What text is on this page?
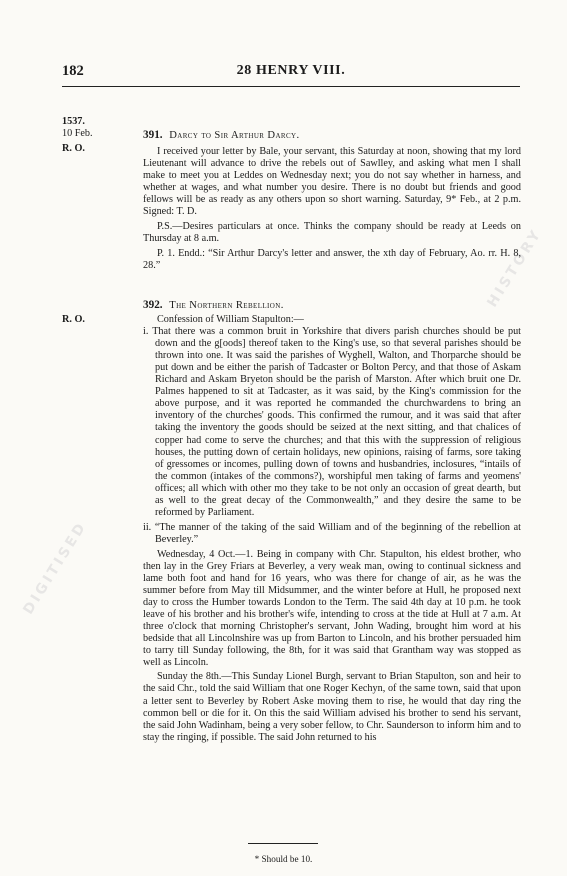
DIGITISED
HISTORY
182	28 HENRY VIII.
1537.
10 Feb.
R. O.

391. Darcy to Sir Arthur Darcy.

I received your letter by Bale, your servant, this Saturday at noon, showing that my lord Lieutenant will advance to drive the rebels out of Sawlley, and asking what men I shall make to meet you at Leddes on Wednesday next; you do not say whether in harness, and whether at wages, and what number you desire. There is no doubt but friends and good fellows will be as ready as any others upon so short warning. Saturday, 9* Feb., at 2 p.m. Signed: T. D.

P.S.—Desires particulars at once. Thinks the company should be ready at Leeds on Thursday at 8 a.m.

P. 1. Endd.: “Sir Arthur Darcy's letter and answer, the xth day of February, Ao. rr. H. 8, 28.”

R. O.

392. The Northern Rebellion.

Confession of William Stapulton:—

i. That there was a common bruit in Yorkshire that divers parish churches should be put down and the g[oods] thereof taken to the King's use, so that several parishes should be thrown into one. It was said the parishes of Wyghell, Walton, and Thorparche should be put down and be either the parish of Tadcaster or Bolton Percy, and that those of Askam Richard and Askam Bryeton should be the parish of Marston. After which bruit one Dr. Palmes happened to sit at Tadcaster, as it was said, by the King's commission for the above purpose, and it was reported he commanded the churchwardens to bring an inventory of the churches' goods. This confirmed the rumour, and it was said that after taking the inventory the goods should be seized at the next sitting, and that chalices of copper had come to serve the churches; and that this with the suppression of religious houses, the putting down of certain holidays, new opinions, raising of farms, sore taking of gressomes or incomes, pulling down of towns and husbandries, inclosures, “intails of the common (intakes of the commons?), worshipful men taking of farms and yeomens' offices; all which with other mo they take to be not only an occasion of great dearth, but as well to the great decay of the Commonwealth,” and they desire the same to be reformed by Parliament.

ii. “The manner of the taking of the said William and of the beginning of the rebellion at Beverley.”

Wednesday, 4 Oct.—1. Being in company with Chr. Stapulton, his eldest brother, who then lay in the Grey Friars at Beverley, a very weak man, owing to continual sickness and lame both foot and hand for 16 years, who was there for change of air, as he was the summer before from May till Midsummer, and the winter before at Hull, he proposed next day to cross the Humber towards London to the Term. The said 4th day at 10 p.m. he took leave of his brother and his brother's wife, intending to cross at the tide at Hull at 7 a.m. At three o'clock that morning Christopher's servant, John Wading, brought him word at his bedside that all Lincolnshire was up from Barton to Lincoln, and his brother persuaded him to tarry till Sunday following, the 8th, for it was said that Grantham way was stopped as well as Lincoln.

Sunday the 8th.—This Sunday Lionel Burgh, servant to Brian Stapulton, son and heir to the said Chr., told the said William that one Roger Kechyn, of the same town, said that upon a letter sent to Beverley by Robert Aske moving them to rise, he would that day ring the common bell or die for it. On this the said William advised his brother to send his servant, the said John Wadinham, being a very sober fellow, to Chr. Saunderson to inform him and to stay the ringing, if possible. The said John returned to his

* Should be 10.
